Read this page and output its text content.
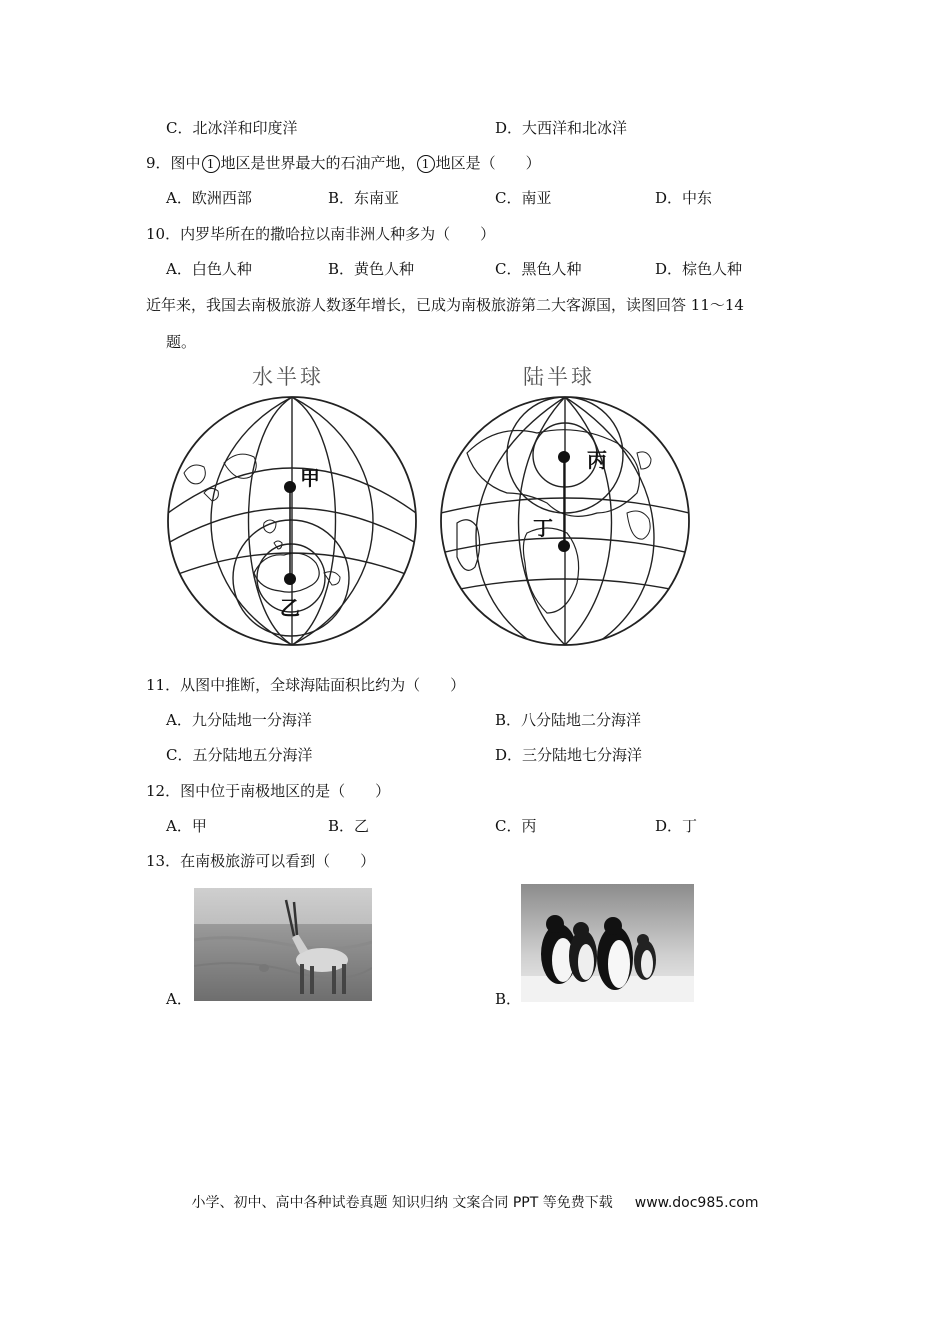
C．北冰洋和印度洋	D．大西洋和北冰洋
9．图中 1 地区是世界最大的石油产地， 1 地区是（　　）
A．欧洲西部	B．东南亚	C．南亚	D．中东
10．内罗毕所在的撒哈拉以南非洲人种多为（　　）
A．白色人种	B．黄色人种	C．黑色人种	D．棕色人种
近年来，我国去南极旅游人数逐年增长，已成为南极旅游第二大客源国，读图回答 11～14
题。
水半球	陆半球
甲
乙
丙
丁
11．从图中推断，全球海陆面积比约为（　　）
A．九分陆地一分海洋	B．八分陆地二分海洋
C．五分陆地五分海洋	D．三分陆地七分海洋
12．图中位于南极地区的是（　　）
A．甲	B．乙	C．丙	D．丁
13．在南极旅游可以看到（　　）
A．	B．
小学、初中、高中各种试卷真题 知识归纳 文案合同 PPT 等免费下载 www.doc985.com
